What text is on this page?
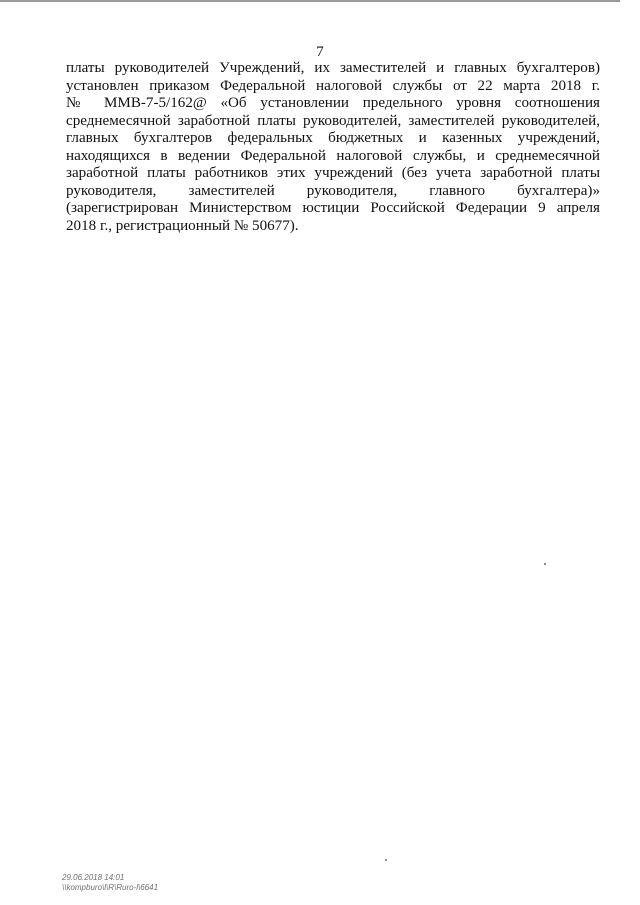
7
платы руководителей Учреждений, их заместителей и главных бухгалтеров)
установлен приказом Федеральной налоговой службы от 22 марта 2018 г.
№ ММВ-7-5/162@ «Об установлении предельного уровня соотношения
среднемесячной заработной платы руководителей, заместителей руководителей,
главных бухгалтеров федеральных бюджетных и казенных учреждений,
находящихся в ведении Федеральной налоговой службы, и среднемесячной
заработной платы работников этих учреждений (без учета заработной платы
руководителя, заместителей руководителя, главного бухгалтера)»
(зарегистрирован Министерством юстиции Российской Федерации 9 апреля
2018 г., регистрационный № 50677).
29.06.2018 14:01
\\kompburo\l\R\Ruro-l\6641
